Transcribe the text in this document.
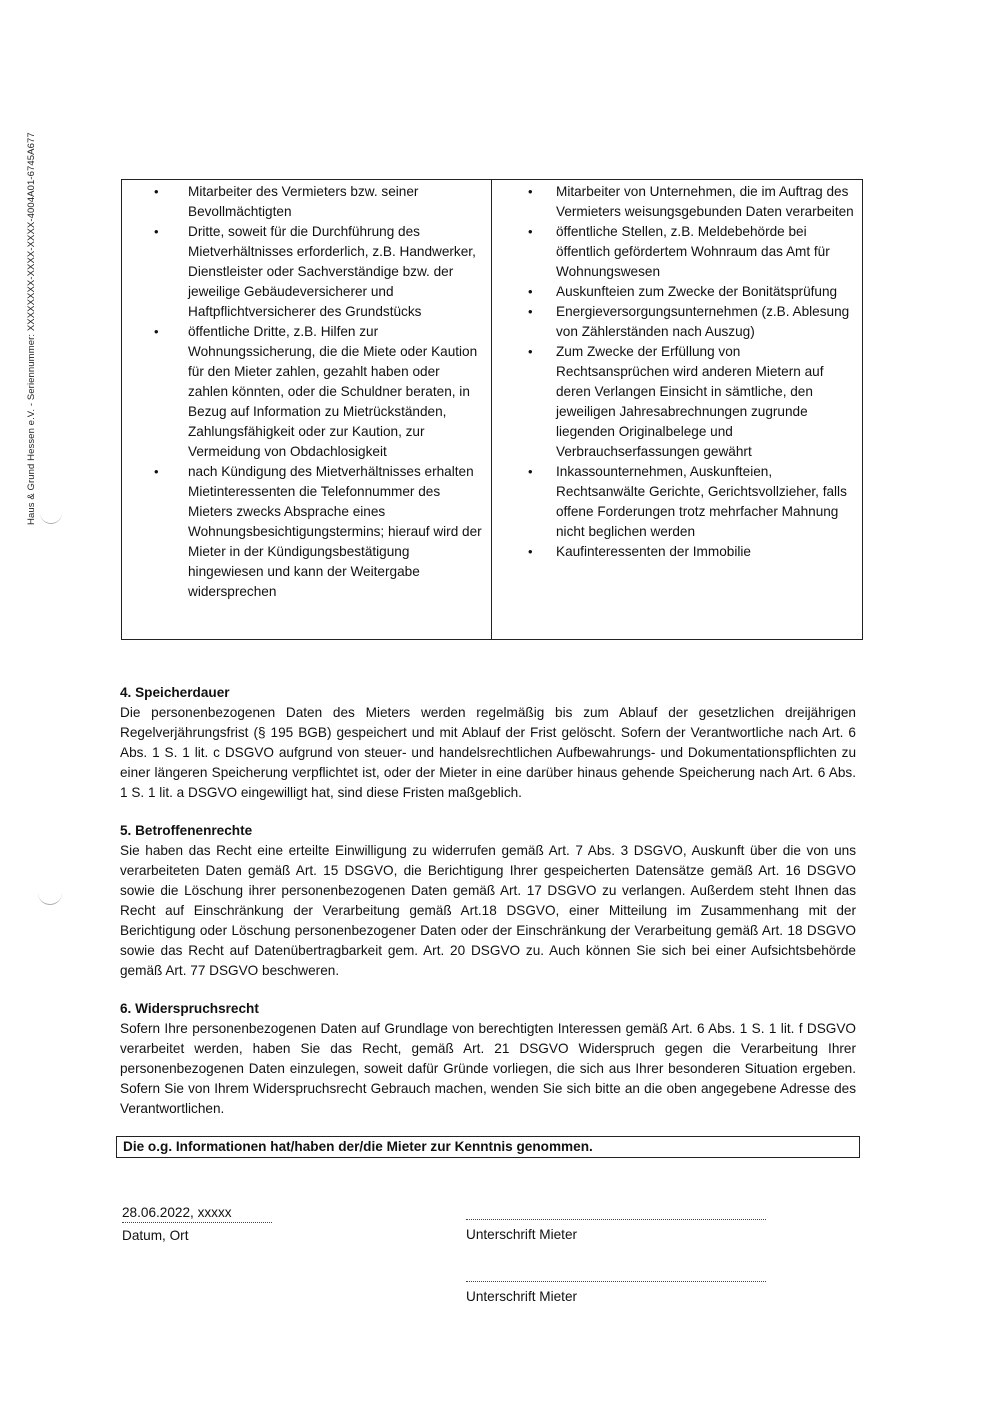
Haus & Grund Hessen e.V. - Seriennummer: XXXXXXXX-XXXX-XXXX-4004A01-6745A677	• Mitarbeiter des Vermieters bzw. seiner Bevollmächtigten
• Dritte, soweit für die Durchführung des Mietverhältnisses erforderlich, z.B. Handwerker, Dienstleister oder Sachverständige bzw. der jeweilige Gebäudeversicherer und Haftpflichtversicherer des Grundstücks
• öffentliche Dritte, z.B. Hilfen zur Wohnungssicherung, die die Miete oder Kaution für den Mieter zahlen, gezahlt haben oder zahlen könnten, oder die Schuldner beraten, in Bezug auf Information zu Mietrückständen, Zahlungsfähigkeit oder zur Kaution, zur Vermeidung von Obdachlosigkeit
• nach Kündigung des Mietverhältnisses erhalten Mietinteressenten die Telefonnummer des Mieters zwecks Absprache eines Wohnungsbesichtigungstermins; hierauf wird der Mieter in der Kündigungsbestätigung hingewiesen und kann der Weitergabe widersprechen
• Mitarbeiter von Unternehmen, die im Auftrag des Vermieters weisungsgebunden Daten verarbeiten
• öffentliche Stellen, z.B. Meldebehörde bei öffentlich gefördertem Wohnraum das Amt für Wohnungswesen
• Auskunfteien zum Zwecke der Bonitätsprüfung
• Energieversorgungsunternehmen (z.B. Ablesung von Zählerständen nach Auszug)
• Zum Zwecke der Erfüllung von Rechtsansprüchen wird anderen Mietern auf deren Verlangen Einsicht in sämtliche, den jeweiligen Jahresabrechnungen zugrunde liegenden Originalbelege und Verbrauchserfassungen gewährt
• Inkassounternehmen, Auskunfteien, Rechtsanwälte Gerichte, Gerichtsvollzieher, falls offene Forderungen trotz mehrfacher Mahnung nicht beglichen werden
• Kaufinteressenten der Immobilie
4. Speicherdauer

Die personenbezogenen Daten des Mieters werden regelmäßig bis zum Ablauf der gesetzlichen dreijährigen Regelverjährungsfrist (§ 195 BGB) gespeichert und mit Ablauf der Frist gelöscht. Sofern der Verantwortliche nach Art. 6 Abs. 1 S. 1 lit. c DSGVO aufgrund von steuer- und handelsrechtlichen Aufbewahrungs- und Dokumentationspflichten zu einer längeren Speicherung verpflichtet ist, oder der Mieter in eine darüber hinaus gehende Speicherung nach Art. 6 Abs. 1 S. 1 lit. a DSGVO eingewilligt hat, sind diese Fristen maßgeblich.

5. Betroffenenrechte

Sie haben das Recht eine erteilte Einwilligung zu widerrufen gemäß Art. 7 Abs. 3 DSGVO, Auskunft über die von uns verarbeiteten Daten gemäß Art. 15 DSGVO, die Berichtigung Ihrer gespeicherten Datensätze gemäß Art. 16 DSGVO sowie die Löschung ihrer personenbezogenen Daten gemäß Art. 17 DSGVO zu verlangen. Außerdem steht Ihnen das Recht auf Einschränkung der Verarbeitung gemäß Art.18 DSGVO, einer Mitteilung im Zusammenhang mit der Berichtigung oder Löschung personenbezogener Daten oder der Einschränkung der Verarbeitung gemäß Art. 18 DSGVO sowie das Recht auf Datenübertragbarkeit gem. Art. 20 DSGVO zu. Auch können Sie sich bei einer Aufsichtsbehörde gemäß Art. 77 DSGVO beschweren.

6. Widerspruchsrecht

Sofern Ihre personenbezogenen Daten auf Grundlage von berechtigten Interessen gemäß Art. 6 Abs. 1 S. 1 lit. f DSGVO verarbeitet werden, haben Sie das Recht, gemäß Art. 21 DSGVO Widerspruch gegen die Verarbeitung Ihrer personenbezogenen Daten einzulegen, soweit dafür Gründe vorliegen, die sich aus Ihrer besonderen Situation ergeben. Sofern Sie von Ihrem Widerspruchsrecht Gebrauch machen, wenden Sie sich bitte an die oben angegebene Adresse des Verantwortlichen.

Die o.g. Informationen hat/haben der/die Mieter zur Kenntnis genommen.
28.06.2022, xxxxx
Datum, Ort	Unterschrift Mieter
Unterschrift Mieter
